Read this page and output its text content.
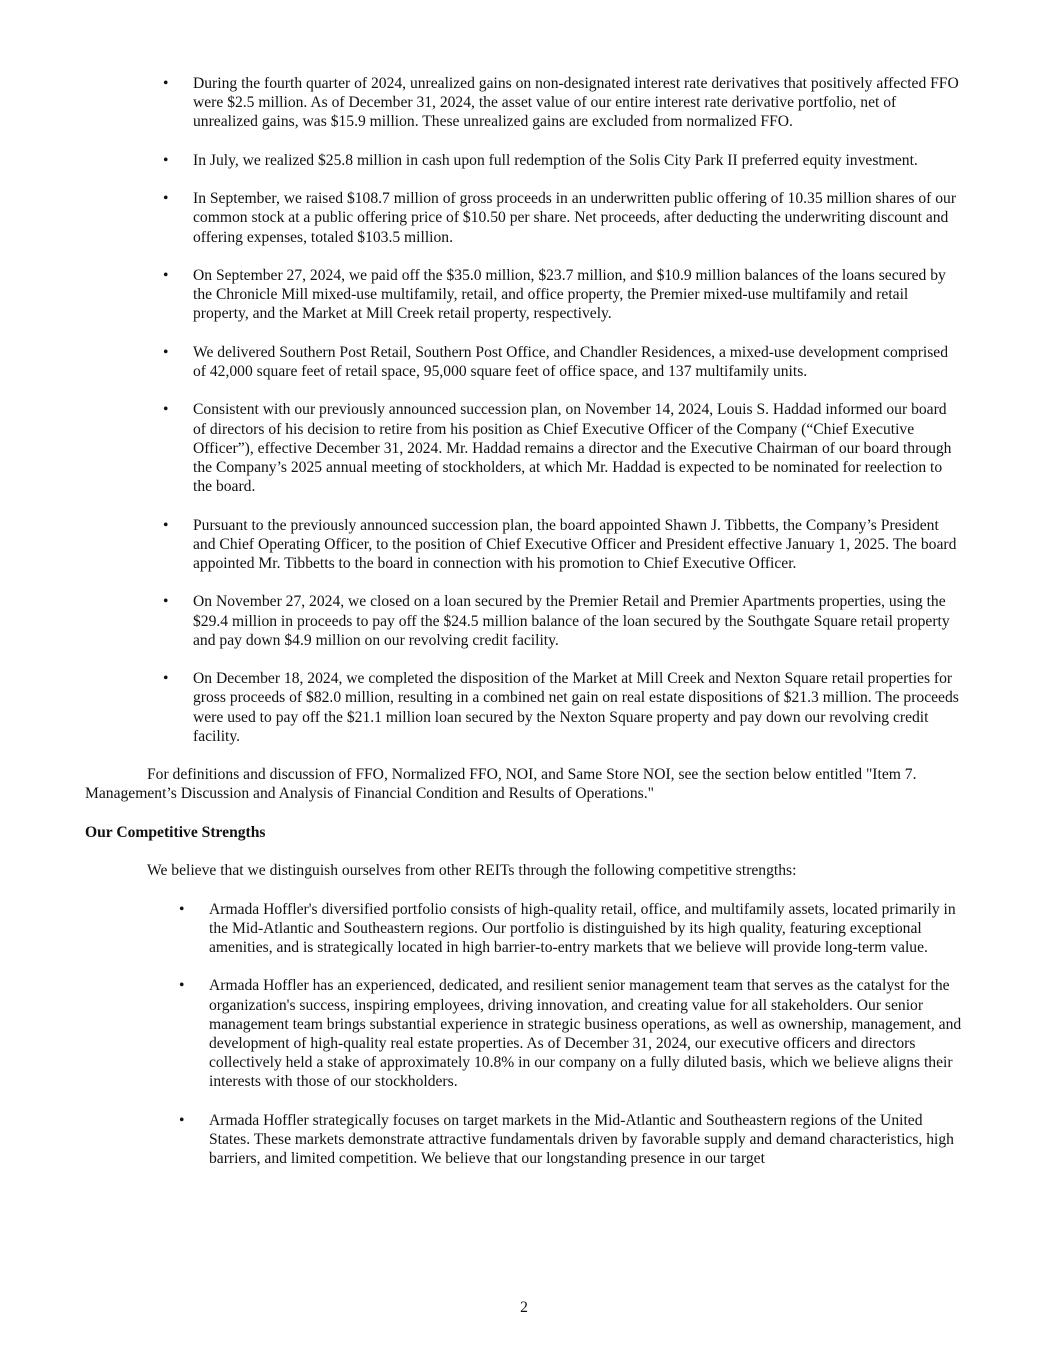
• During the fourth quarter of 2024, unrealized gains on non-designated interest rate derivatives that positively affected FFO were $2.5 million. As of December 31, 2024, the asset value of our entire interest rate derivative portfolio, net of unrealized gains, was $15.9 million. These unrealized gains are excluded from normalized FFO.
• In July, we realized $25.8 million in cash upon full redemption of the Solis City Park II preferred equity investment.
• In September, we raised $108.7 million of gross proceeds in an underwritten public offering of 10.35 million shares of our common stock at a public offering price of $10.50 per share. Net proceeds, after deducting the underwriting discount and offering expenses, totaled $103.5 million.
• On September 27, 2024, we paid off the $35.0 million, $23.7 million, and $10.9 million balances of the loans secured by the Chronicle Mill mixed-use multifamily, retail, and office property, the Premier mixed-use multifamily and retail property, and the Market at Mill Creek retail property, respectively.
• We delivered Southern Post Retail, Southern Post Office, and Chandler Residences, a mixed-use development comprised of 42,000 square feet of retail space, 95,000 square feet of office space, and 137 multifamily units.
• Consistent with our previously announced succession plan, on November 14, 2024, Louis S. Haddad informed our board of directors of his decision to retire from his position as Chief Executive Officer of the Company (“Chief Executive Officer”), effective December 31, 2024. Mr. Haddad remains a director and the Executive Chairman of our board through the Company’s 2025 annual meeting of stockholders, at which Mr. Haddad is expected to be nominated for reelection to the board.
• Pursuant to the previously announced succession plan, the board appointed Shawn J. Tibbetts, the Company’s President and Chief Operating Officer, to the position of Chief Executive Officer and President effective January 1, 2025. The board appointed Mr. Tibbetts to the board in connection with his promotion to Chief Executive Officer.
• On November 27, 2024, we closed on a loan secured by the Premier Retail and Premier Apartments properties, using the $29.4 million in proceeds to pay off the $24.5 million balance of the loan secured by the Southgate Square retail property and pay down $4.9 million on our revolving credit facility.
• On December 18, 2024, we completed the disposition of the Market at Mill Creek and Nexton Square retail properties for gross proceeds of $82.0 million, resulting in a combined net gain on real estate dispositions of $21.3 million. The proceeds were used to pay off the $21.1 million loan secured by the Nexton Square property and pay down our revolving credit facility.

For definitions and discussion of FFO, Normalized FFO, NOI, and Same Store NOI, see the section below entitled "Item 7. Management’s Discussion and Analysis of Financial Condition and Results of Operations."

Our Competitive Strengths

We believe that we distinguish ourselves from other REITs through the following competitive strengths:

• Armada Hoffler's diversified portfolio consists of high-quality retail, office, and multifamily assets, located primarily in the Mid-Atlantic and Southeastern regions. Our portfolio is distinguished by its high quality, featuring exceptional amenities, and is strategically located in high barrier-to-entry markets that we believe will provide long-term value.
• Armada Hoffler has an experienced, dedicated, and resilient senior management team that serves as the catalyst for the organization's success, inspiring employees, driving innovation, and creating value for all stakeholders. Our senior management team brings substantial experience in strategic business operations, as well as ownership, management, and development of high-quality real estate properties. As of December 31, 2024, our executive officers and directors collectively held a stake of approximately 10.8% in our company on a fully diluted basis, which we believe aligns their interests with those of our stockholders.
• Armada Hoffler strategically focuses on target markets in the Mid-Atlantic and Southeastern regions of the United States. These markets demonstrate attractive fundamentals driven by favorable supply and demand characteristics, high barriers, and limited competition. We believe that our longstanding presence in our target
2
